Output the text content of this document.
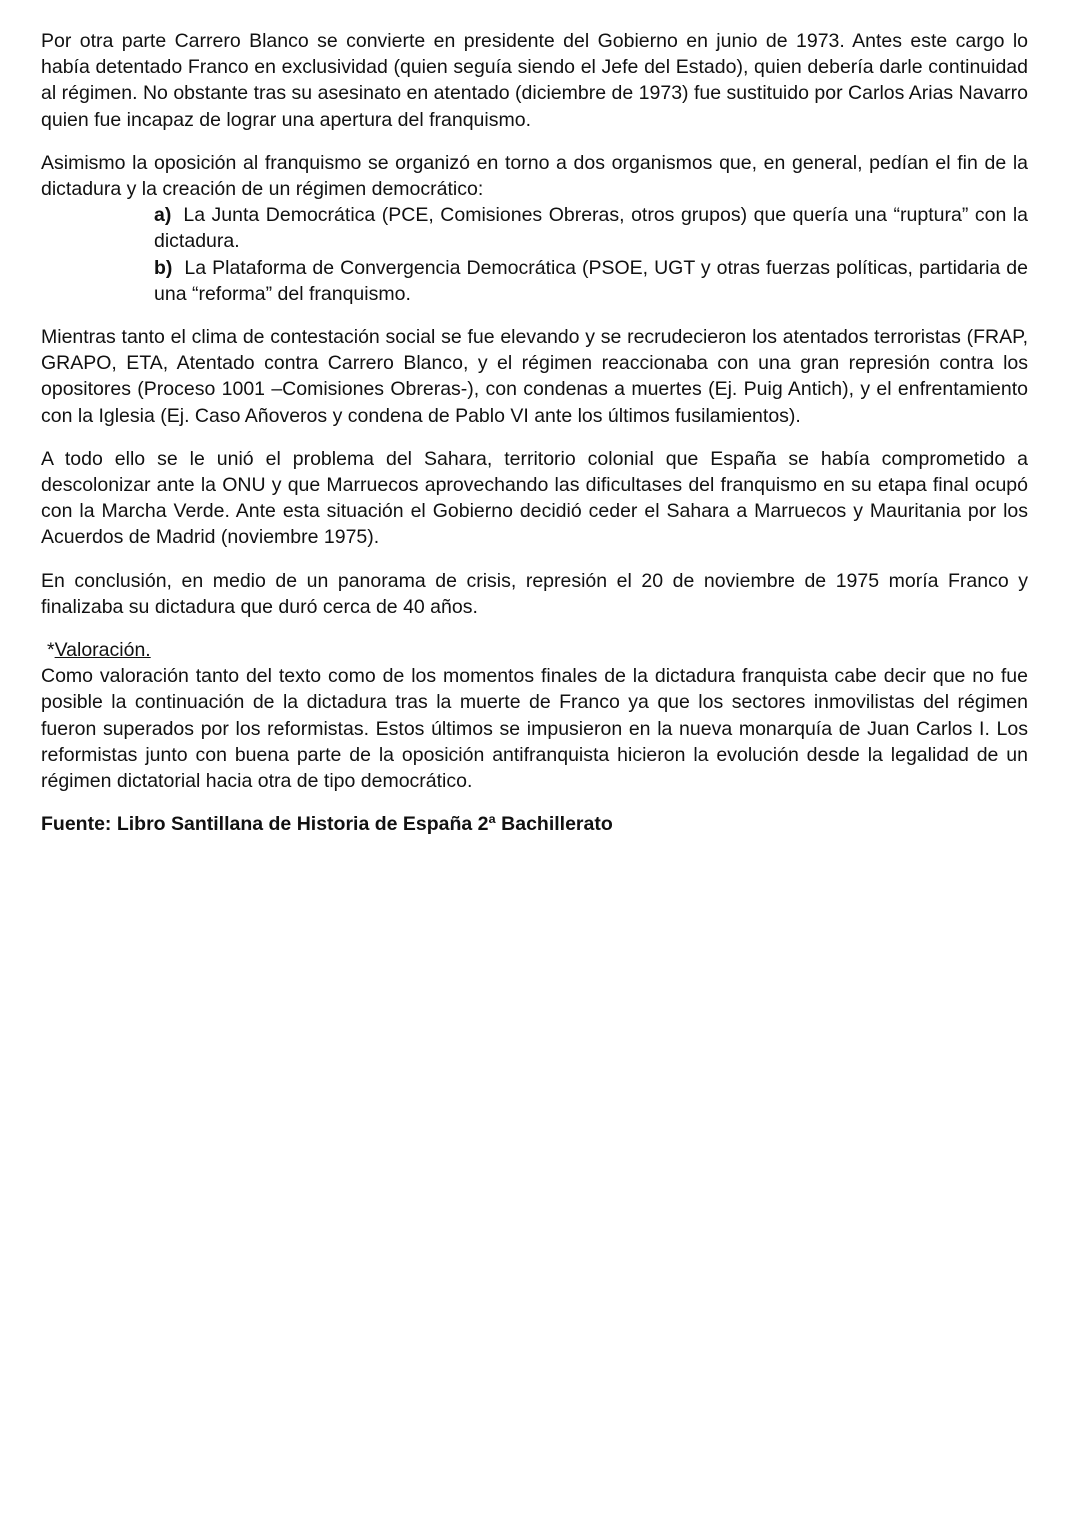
Por otra parte Carrero Blanco se convierte en presidente del Gobierno en junio de 1973. Antes este cargo lo había detentado Franco en exclusividad (quien seguía siendo el Jefe del Estado), quien debería darle continuidad al régimen. No obstante tras su asesinato en atentado (diciembre de 1973) fue sustituido por Carlos Arias Navarro quien fue incapaz de lograr una apertura del franquismo.

Asimismo la oposición al franquismo se organizó en torno a dos organismos que, en general, pedían el fin de la dictadura y la creación de un régimen democrático:

a) La Junta Democrática (PCE, Comisiones Obreras, otros grupos) que quería una “ruptura” con la dictadura.
b) La Plataforma de Convergencia Democrática (PSOE, UGT y otras fuerzas políticas, partidaria de una “reforma” del franquismo.

Mientras tanto el clima de contestación social se fue elevando y se recrudecieron los atentados terroristas (FRAP, GRAPO, ETA, Atentado contra Carrero Blanco, y el régimen reaccionaba con una gran represión contra los opositores (Proceso 1001 –Comisiones Obreras-), con condenas a muertes (Ej. Puig Antich), y el enfrentamiento con la Iglesia (Ej. Caso Añoveros y condena de Pablo VI ante los últimos fusilamientos).

A todo ello se le unió el problema del Sahara, territorio colonial que España se había comprometido a descolonizar ante la ONU y que Marruecos aprovechando las dificultases del franquismo en su etapa final ocupó con la Marcha Verde. Ante esta situación el Gobierno decidió ceder el Sahara a Marruecos y Mauritania por los Acuerdos de Madrid (noviembre 1975).

En conclusión, en medio de un panorama de crisis, represión el 20 de noviembre de 1975 moría Franco y finalizaba su dictadura que duró cerca de 40 años.

*Valoración.

Como valoración tanto del texto como de los momentos finales de la dictadura franquista cabe decir que no fue posible la continuación de la dictadura tras la muerte de Franco ya que los sectores inmovilistas del régimen fueron superados por los reformistas. Estos últimos se impusieron en la nueva monarquía de Juan Carlos I. Los reformistas junto con buena parte de la oposición antifranquista hicieron la evolución desde la legalidad de un régimen dictatorial hacia otra de tipo democrático.

Fuente: Libro Santillana de Historia de España 2ª Bachillerato
